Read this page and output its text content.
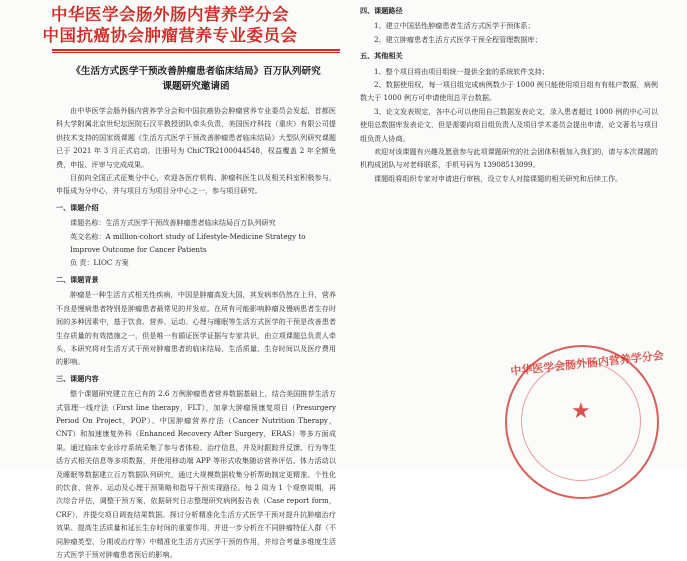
中华医学会肠外肠内营养学分会
中国抗癌协会肿瘤营养专业委员会
《生活方式医学干预改善肿瘤患者临床结局》百万队列研究
课题研究邀请函

由中华医学会肠外肠内营养学分会和中国抗癌协会肿瘤营养专业委员会发起，首都医科大学附属北京世纪坛医院石汉平教授团队牵头负责，美国医疗科技（重庆）有限公司提供技术支持的国家级课题《生活方式医学干预改善肿瘤患者临床结局》大型队列研究课题已于 2021 年 3 月正式启动，注册号为 ChiCTR2100044548，权益覆盖 2 年全额免费，申报、评审与完成成果。

目前向全国正式征集分中心，欢迎各医疗机构、肿瘤科医生以及相关科室积极参与，申报成为分中心，并与项目方为项目分中心之一，参与项目研究。

一、课题介绍

课题名称：生活方式医学干预改善肿瘤患者临床结局百万队列研究

英文名称：A million-cohort study of Lifestyle-Medicine Strategy to Improve Outcome for Cancer Patients

负 责：LIOC 方案

二、课题背景

肿瘤是一种生活方式相关性疾病，中国是肿瘤高发大国，其发病率仍然在上升，营养不良是慢病患者特别是肿瘤患者最常见的并发症。在所有可能影响肿瘤及慢病患者生存时间的多种因素中，基于饮食、营养、运动、心理与睡眠等生活方式医学的干预是改善患者生存质量的有效措施之一，但是唯一有循证医学证据与专家共识，由立项课题总负责人牵头，本研究将对生活方式干预对肿瘤患者的临床结局、生活质量、生存时间以及医疗费用的影响。

三、课题内容

整个课题研究建立在已有的 2.6 万例肿瘤患者营养数据基础上，结合美国推荐生活方式管理一线疗法（First line therapy，FLT），加拿大肿瘤预康复项目（Presurgery Period On Project，POP）、中国肿瘤营养疗法（Cancer Nutrition Therapy，CNT）和加速康复外科（Enhanced Recovery After Surgery，ERAS）等多方面成果。通过临床专业诊疗系统采集了参与者体检、治疗信息，并及时跟踪并反馈、行为等生活方式相关信息等多项数据，并使用移动端 APP 等形式收集随访营养评估、体力活动以及睡眠等数据建立百万数据队列研究，通过大规模数据收集分析帮助制定更精准、个性化的饮食、营养、运动及心理干预策略和指导干预实现路径。每 2 周为 1 个观察周期，再次综合评估，调整干预方案，依据研究日志整理研究病例报告表（Case report form，CRF），并提交项目调查结果数据。探讨分析精准化生活方式医学干预对提升抗肿瘤治疗效果、提高生活质量和延长生存时间的重要作用，并进一步分析在不同肿瘤特征人群（不同肿瘤类型、分期或治疗等）中精准化生活方式医学干预的作用，并综合考量多维度生活方式医学干预对肿瘤患者预后的影响。

四、课题路径

1、建立中国恶性肿瘤患者生活方式医学干预体系；

2、建立肿瘤患者生活方式医学干预全程管理数据库；

五、其他相关

1、整个项目将由项目组统一提供全套的系统软件支持；

2、数据使用权，每一项目组完成病例数少于 1000 例只能使用项目组有有账户数据，病例数大于 1000 例方可申请使用总平台数据。

3、论文发表规定，各中心可以使用自己数据发表论文，录入患者超过 1000 例的中心可以使用总数据库发表论文，但是需要向项目组负责人及项目学术委员会提出申请，论文著名与项目组负责人协商。

欢迎对该课题有兴趣及愿意参与此项课题研究的社会团体积极加入我们的，请与本次课题的机构成团队与对老师联系，手机号码为 13908513099。

课题组将组织专家对申请进行审核，设立专人对接课题的相关研究和后续工作。

中华医学会肠外肠内营养学分会
★
